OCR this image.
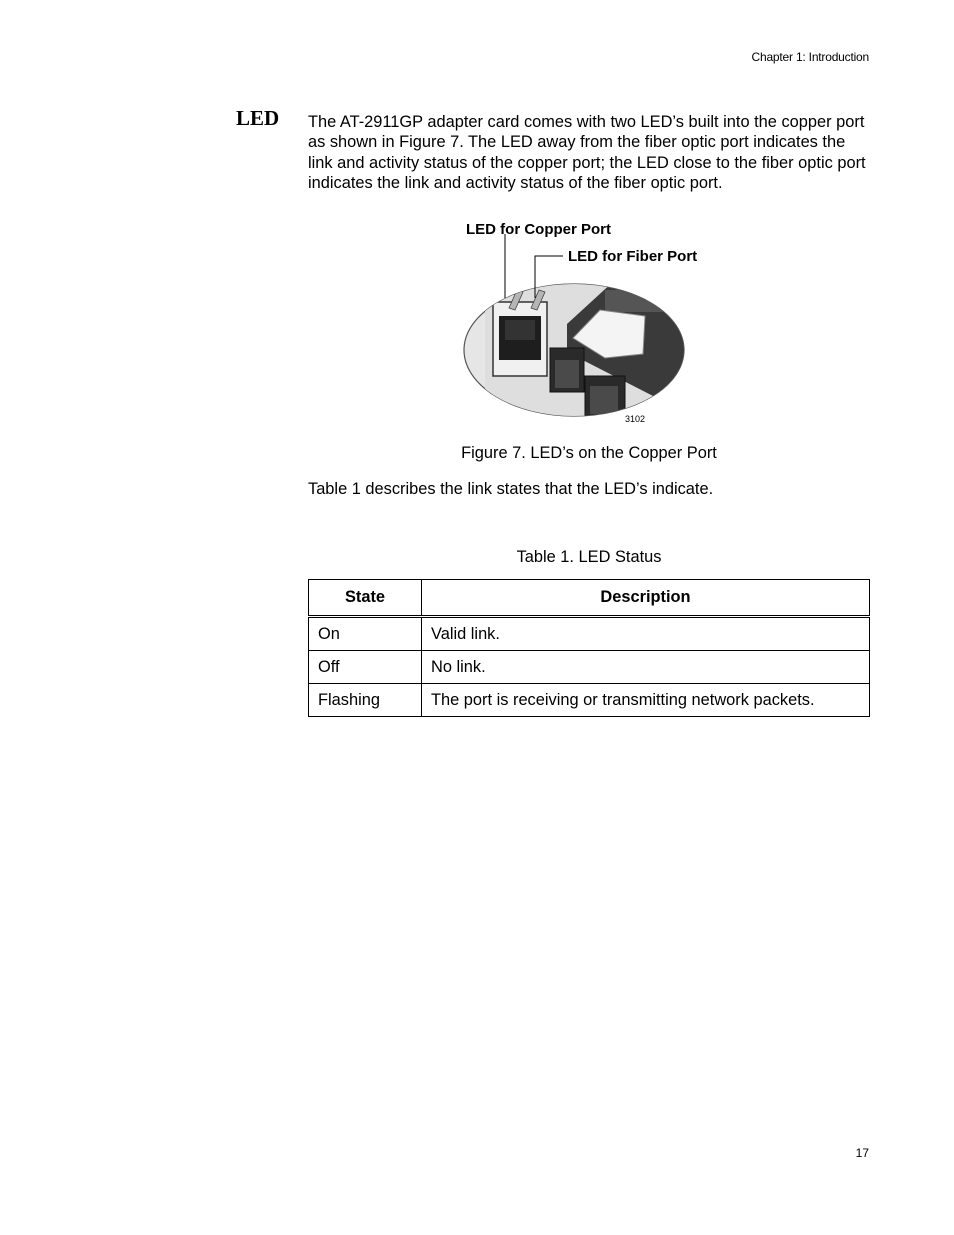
Chapter 1: Introduction
LED The AT-2911GP adapter card comes with two LED’s built into the copper port as shown in Figure 7. The LED away from the fiber optic port indicates the link and activity status of the copper port; the LED close to the fiber optic port indicates the link and activity status of the fiber optic port.

LED for Copper Port
LED for Fiber Port
3102
Figure 7. LED’s on the Copper Port

Table 1 describes the link states that the LED’s indicate.

Table 1. LED Status
State	Description
On	Valid link.
Off	No link.
Flashing	The port is receiving or transmitting network packets.
17
